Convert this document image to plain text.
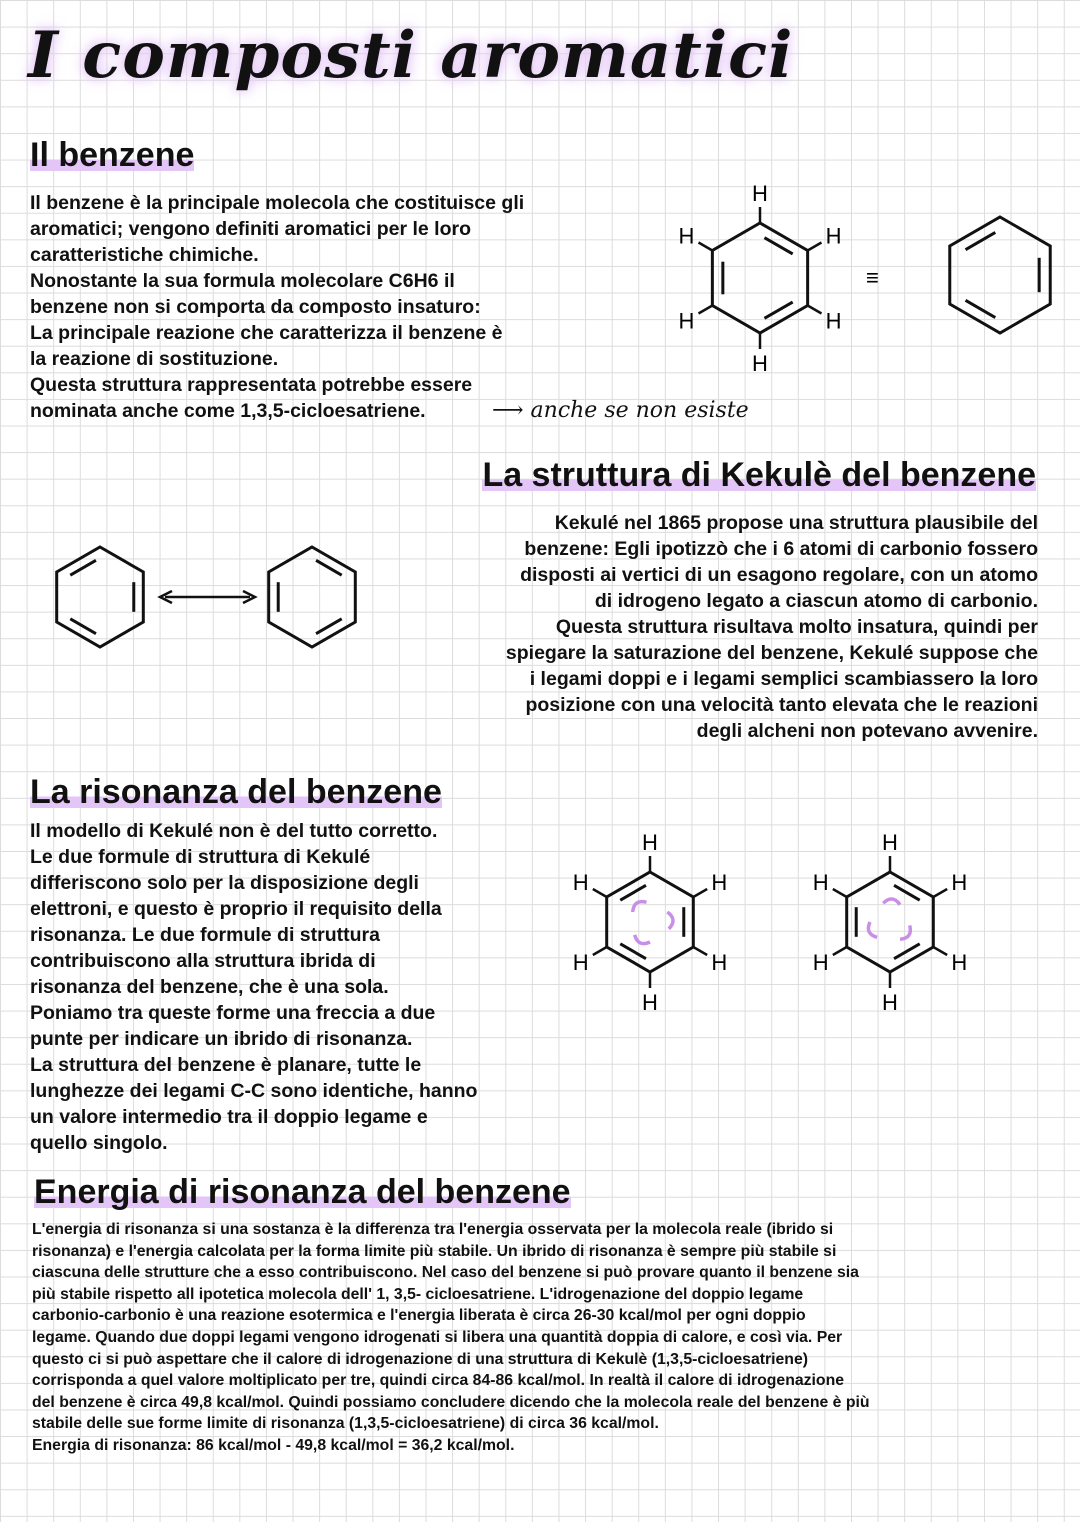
I composti aromatici
Il benzene
Il benzene è la principale molecola che costituisce gli
aromatici; vengono definiti aromatici per le loro
caratteristiche chimiche.
Nonostante la sua formula molecolare C6H6 il
benzene non si comporta da composto insaturo:
La principale reazione che caratterizza il benzene è
la reazione di sostituzione.
Questa struttura rappresentata potrebbe essere
nominata anche come 1,3,5-cicloesatriene.	⟶ anche se non esiste
La struttura di Kekulè del benzene
Kekulé nel 1865 propose una struttura plausibile del
benzene: Egli ipotizzò che i 6 atomi di carbonio fossero
disposti ai vertici di un esagono regolare, con un atomo
di idrogeno legato a ciascun atomo di carbonio.
Questa struttura risultava molto insatura, quindi per
spiegare la saturazione del benzene, Kekulé suppose che
i legami doppi e i legami semplici scambiassero la loro
posizione con una velocità tanto elevata che le reazioni
degli alcheni non potevano avvenire.
La risonanza del benzene
Il modello di Kekulé non è del tutto corretto.
Le due formule di struttura di Kekulé
differiscono solo per la disposizione degli
elettroni, e questo è proprio il requisito della
risonanza. Le due formule di struttura
contribuiscono alla struttura ibrida di
risonanza del benzene, che è una sola.
Poniamo tra queste forme una freccia a due
punte per indicare un ibrido di risonanza.
La struttura del benzene è planare, tutte le
lunghezze dei legami C-C sono identiche, hanno
un valore intermedio tra il doppio legame e
quello singolo.
Energia di risonanza del benzene
L'energia di risonanza si una sostanza è la differenza tra l'energia osservata per la molecola reale (ibrido si
risonanza) e l'energia calcolata per la forma limite più stabile. Un ibrido di risonanza è sempre più stabile si
ciascuna delle strutture che a esso contribuiscono. Nel caso del benzene si può provare quanto il benzene sia
più stabile rispetto all ipotetica molecola dell' 1, 3,5- cicloesatriene. L'idrogenazione del doppio legame
carbonio-carbonio è una reazione esotermica e l'energia liberata è circa 26-30 kcal/mol per ogni doppio
legame. Quando due doppi legami vengono idrogenati si libera una quantità doppia di calore, e così via. Per
questo ci si può aspettare che il calore di idrogenazione di una struttura di Kekulè (1,3,5-cicloesatriene)
corrisponda a quel valore moltiplicato per tre, quindi circa 84-86 kcal/mol. In realtà il calore di idrogenazione
del benzene è circa 49,8 kcal/mol. Quindi possiamo concludere dicendo che la molecola reale del benzene è più
stabile delle sue forme limite di risonanza (1,3,5-cicloesatriene) di circa 36 kcal/mol.
Energia di risonanza: 86 kcal/mol - 49,8 kcal/mol = 36,2 kcal/mol.
H
H
H
H
H
H
≡
H
H
H
H
H
H
H
H
H
H
H
H
